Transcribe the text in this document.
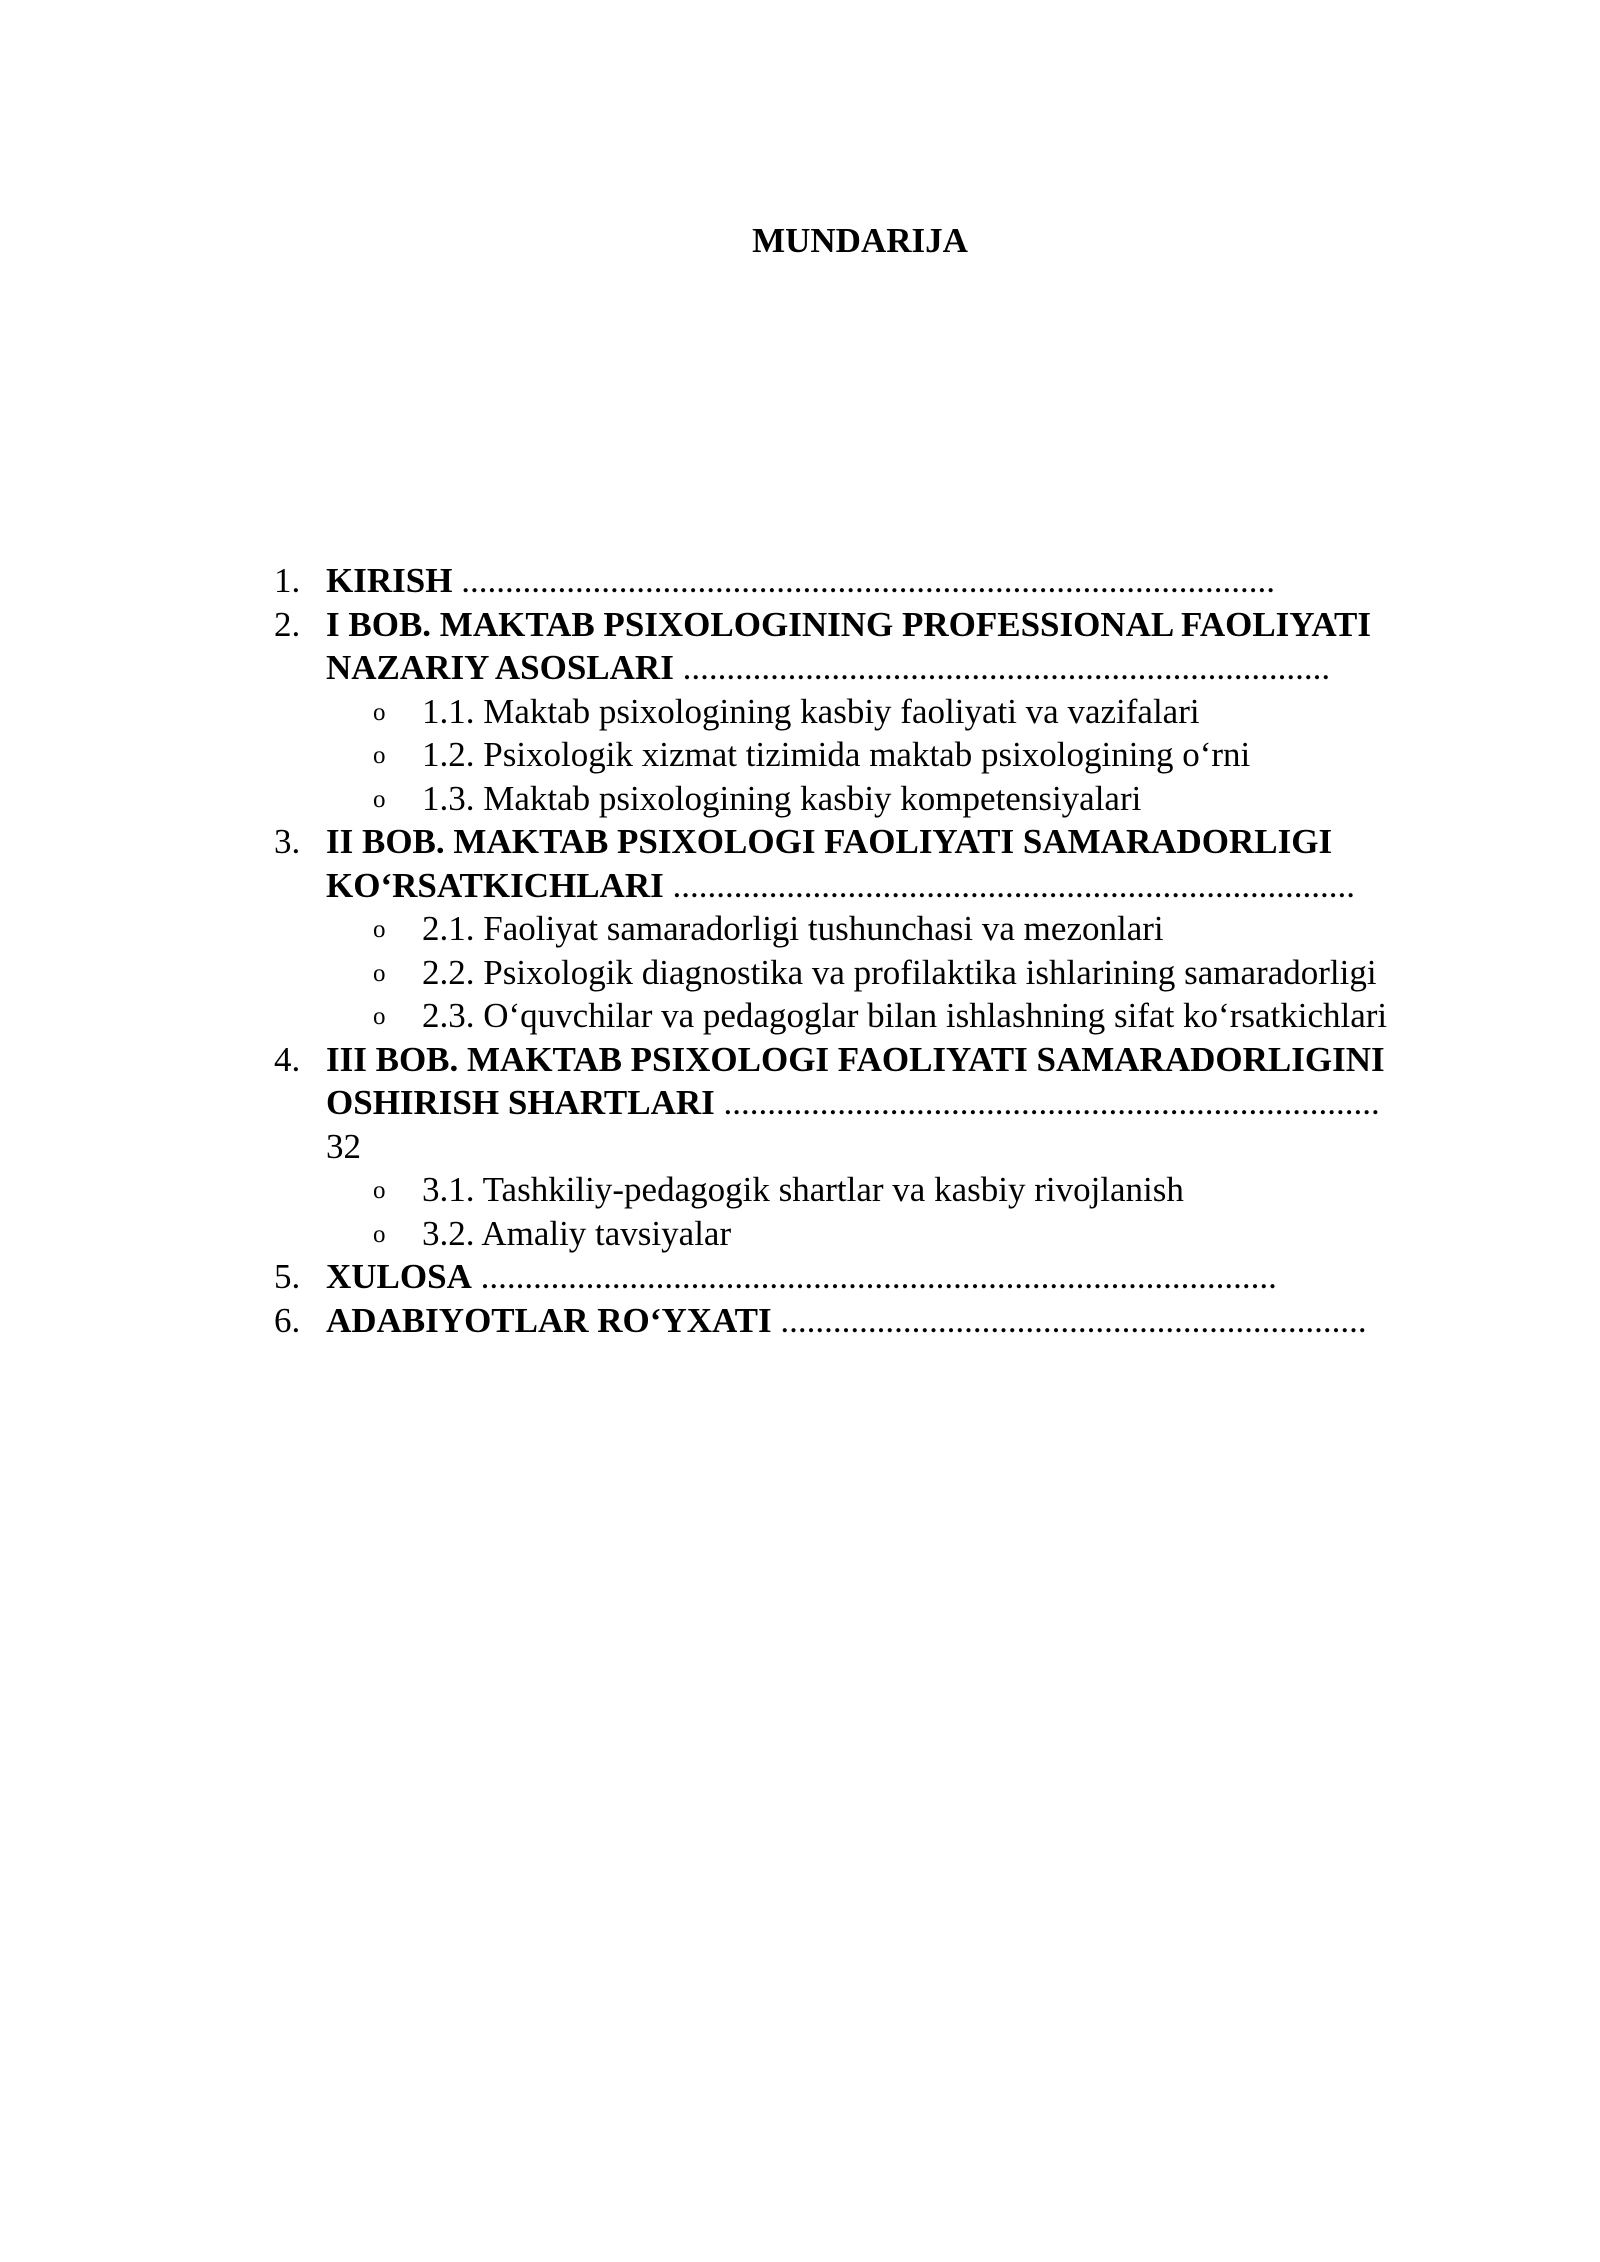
MUNDARIJA
1. KIRISH .............................................................................................
2. I BOB. MAKTAB PSIXOLOGINING PROFESSIONAL FAOLIYATI
NAZARIY ASOSLARI ..........................................................................
o 1.1. Maktab psixologining kasbiy faoliyati va vazifalari
o 1.2. Psixologik xizmat tizimida maktab psixologining o‘rni
o 1.3. Maktab psixologining kasbiy kompetensiyalari
3. II BOB. MAKTAB PSIXOLOGI FAOLIYATI SAMARADORLIGI
KO‘RSATKICHLARI ..............................................................................
o 2.1. Faoliyat samaradorligi tushunchasi va mezonlari
o 2.2. Psixologik diagnostika va profilaktika ishlarining samaradorligi
o 2.3. O‘quvchilar va pedagoglar bilan ishlashning sifat ko‘rsatkichlari
4. III BOB. MAKTAB PSIXOLOGI FAOLIYATI SAMARADORLIGINI
OSHIRISH SHARTLARI ...........................................................................
32
o 3.1. Tashkiliy-pedagogik shartlar va kasbiy rivojlanish
o 3.2. Amaliy tavsiyalar
5. XULOSA ...........................................................................................
6. ADABIYOTLAR RO‘YXATI ...................................................................
